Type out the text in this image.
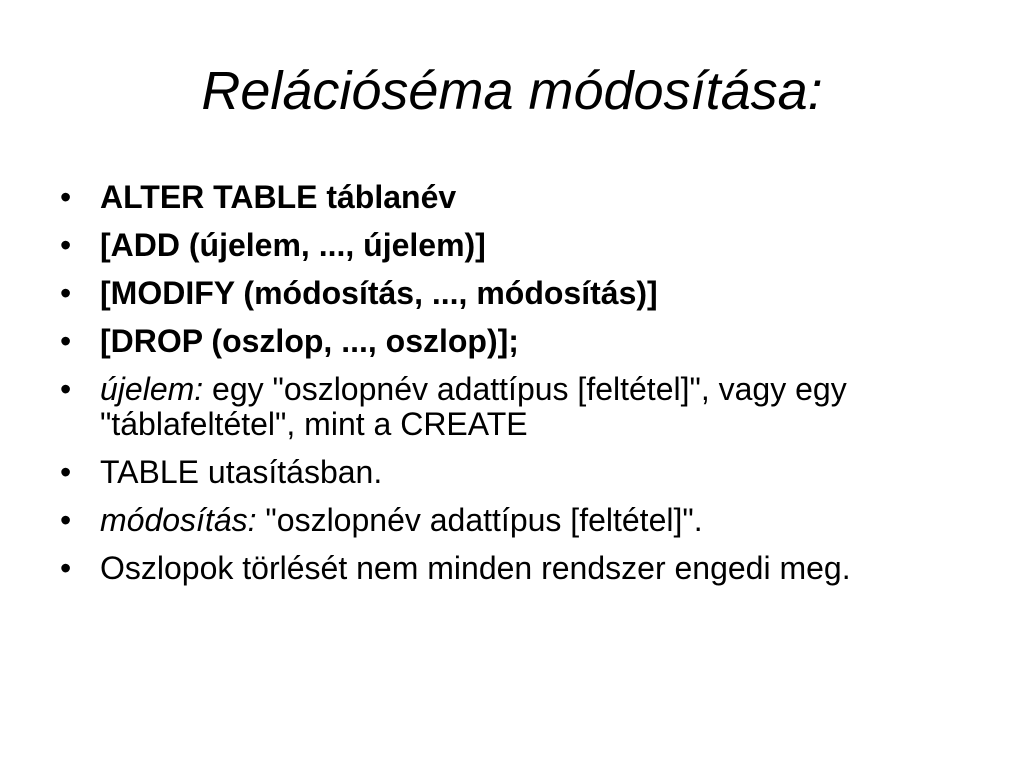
Relációséma módosítása:
• ALTER TABLE táblanév
• [ADD (újelem, ..., újelem)]
• [MODIFY (módosítás, ..., módosítás)]
• [DROP (oszlop, ..., oszlop)];
• újelem: egy "oszlopnév adattípus [feltétel]", vagy egy "táblafeltétel", mint a CREATE
• TABLE utasításban.
• módosítás: "oszlopnév adattípus [feltétel]".
• Oszlopok törlését nem minden rendszer engedi meg.
